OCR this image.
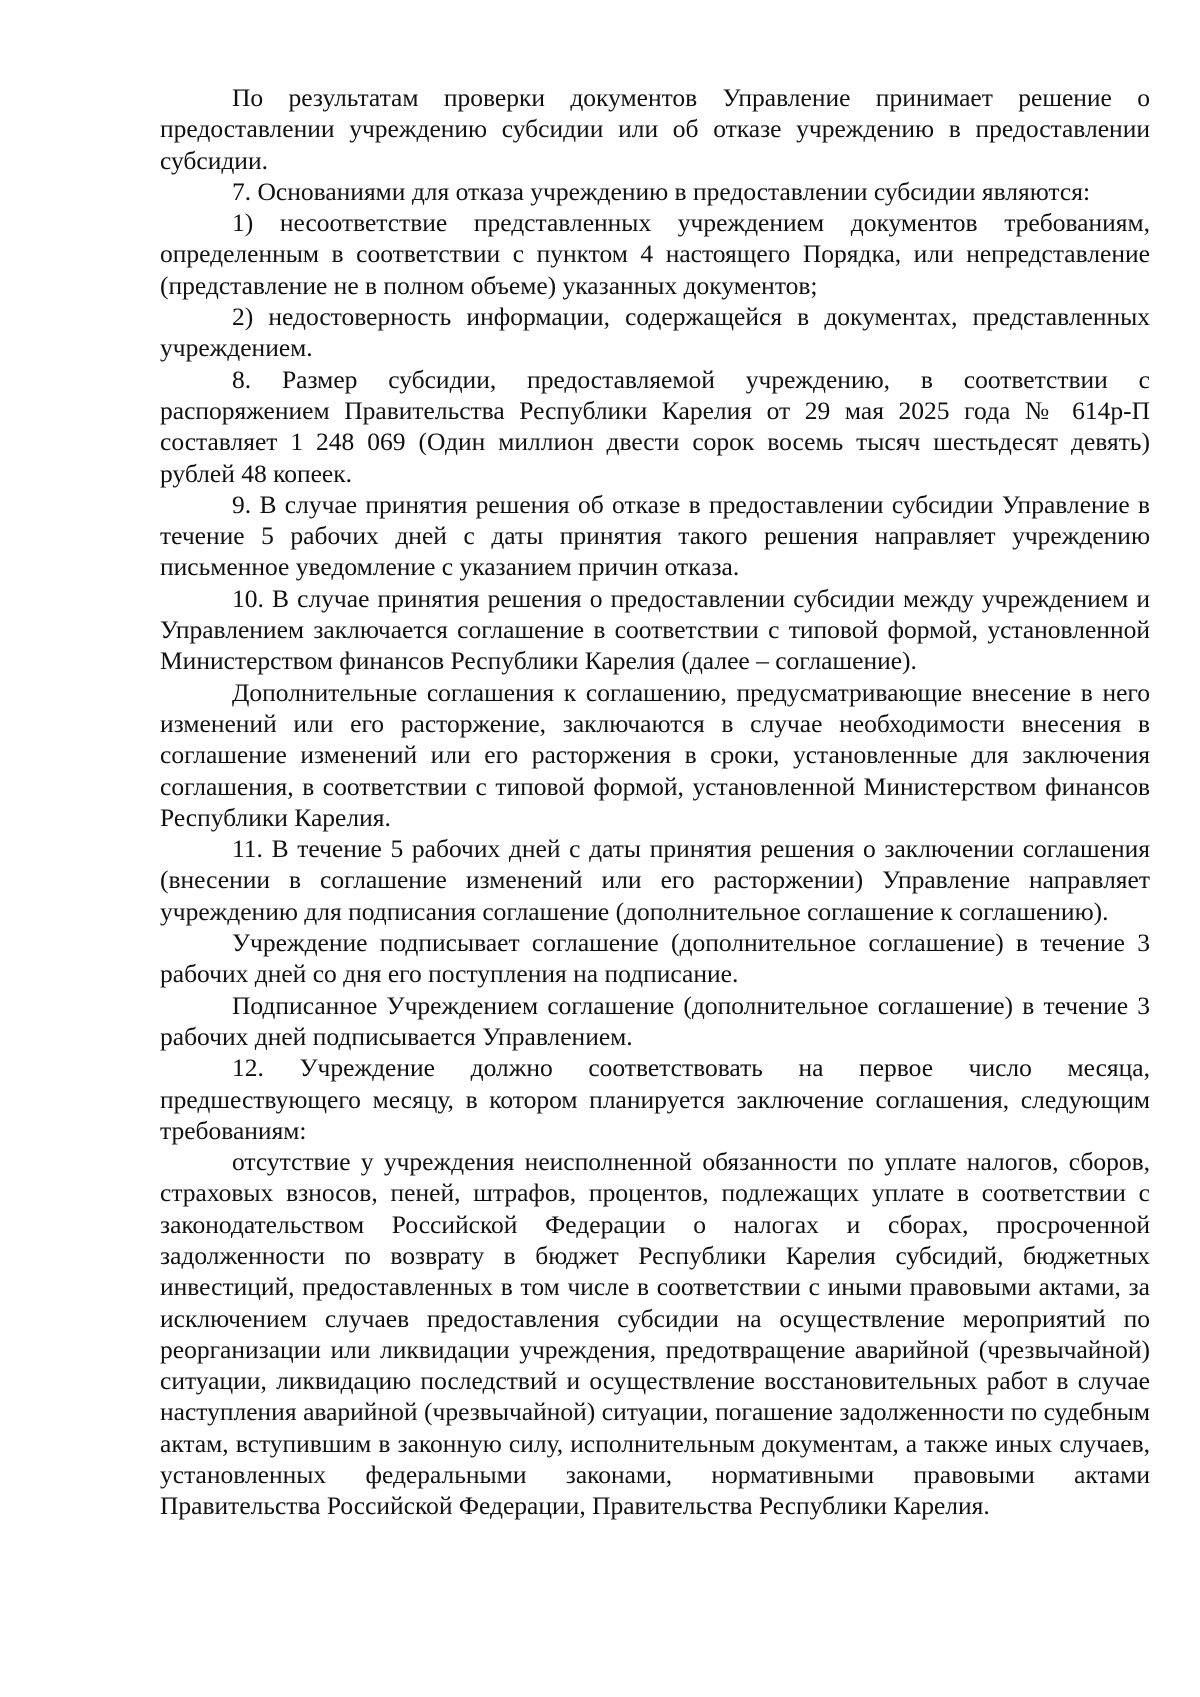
По результатам проверки документов Управление принимает решение о предоставлении учреждению субсидии или об отказе учреждению в предоставлении субсидии.

7. Основаниями для отказа учреждению в предоставлении субсидии являются:

1) несоответствие представленных учреждением документов требованиям, определенным в соответствии с пунктом 4 настоящего Порядка, или непредставление (представление не в полном объеме) указанных документов;

2) недостоверность информации, содержащейся в документах, представленных учреждением.

8. Размер субсидии, предоставляемой учреждению, в соответствии с распоряжением Правительства Республики Карелия от 29 мая 2025 года № 614р-П составляет 1 248 069 (Один миллион двести сорок восемь тысяч шестьдесят девять) рублей 48 копеек.

9. В случае принятия решения об отказе в предоставлении субсидии Управление в течение 5 рабочих дней с даты принятия такого решения направляет учреждению письменное уведомление с указанием причин отказа.

10. В случае принятия решения о предоставлении субсидии между учреждением и Управлением заключается соглашение в соответствии с типовой формой, установленной Министерством финансов Республики Карелия (далее – соглашение).

Дополнительные соглашения к соглашению, предусматривающие внесение в него изменений или его расторжение, заключаются в случае необходимости внесения в соглашение изменений или его расторжения в сроки, установленные для заключения соглашения, в соответствии с типовой формой, установленной Министерством финансов Республики Карелия.

11. В течение 5 рабочих дней с даты принятия решения о заключении соглашения (внесении в соглашение изменений или его расторжении) Управление направляет учреждению для подписания соглашение (дополнительное соглашение к соглашению).

Учреждение подписывает соглашение (дополнительное соглашение) в течение 3 рабочих дней со дня его поступления на подписание.

Подписанное Учреждением соглашение (дополнительное соглашение) в течение 3 рабочих дней подписывается Управлением.

12. Учреждение должно соответствовать на первое число месяца, предшествующего месяцу, в котором планируется заключение соглашения, следующим требованиям:

отсутствие у учреждения неисполненной обязанности по уплате налогов, сборов, страховых взносов, пеней, штрафов, процентов, подлежащих уплате в соответствии с законодательством Российской Федерации о налогах и сборах, просроченной задолженности по возврату в бюджет Республики Карелия субсидий, бюджетных инвестиций, предоставленных в том числе в соответствии с иными правовыми актами, за исключением случаев предоставления субсидии на осуществление мероприятий по реорганизации или ликвидации учреждения, предотвращение аварийной (чрезвычайной) ситуации, ликвидацию последствий и осуществление восстановительных работ в случае наступления аварийной (чрезвычайной) ситуации, погашение задолженности по судебным актам, вступившим в законную силу, исполнительным документам, а также иных случаев, установленных федеральными законами, нормативными правовыми актами Правительства Российской Федерации, Правительства Республики Карелия.
